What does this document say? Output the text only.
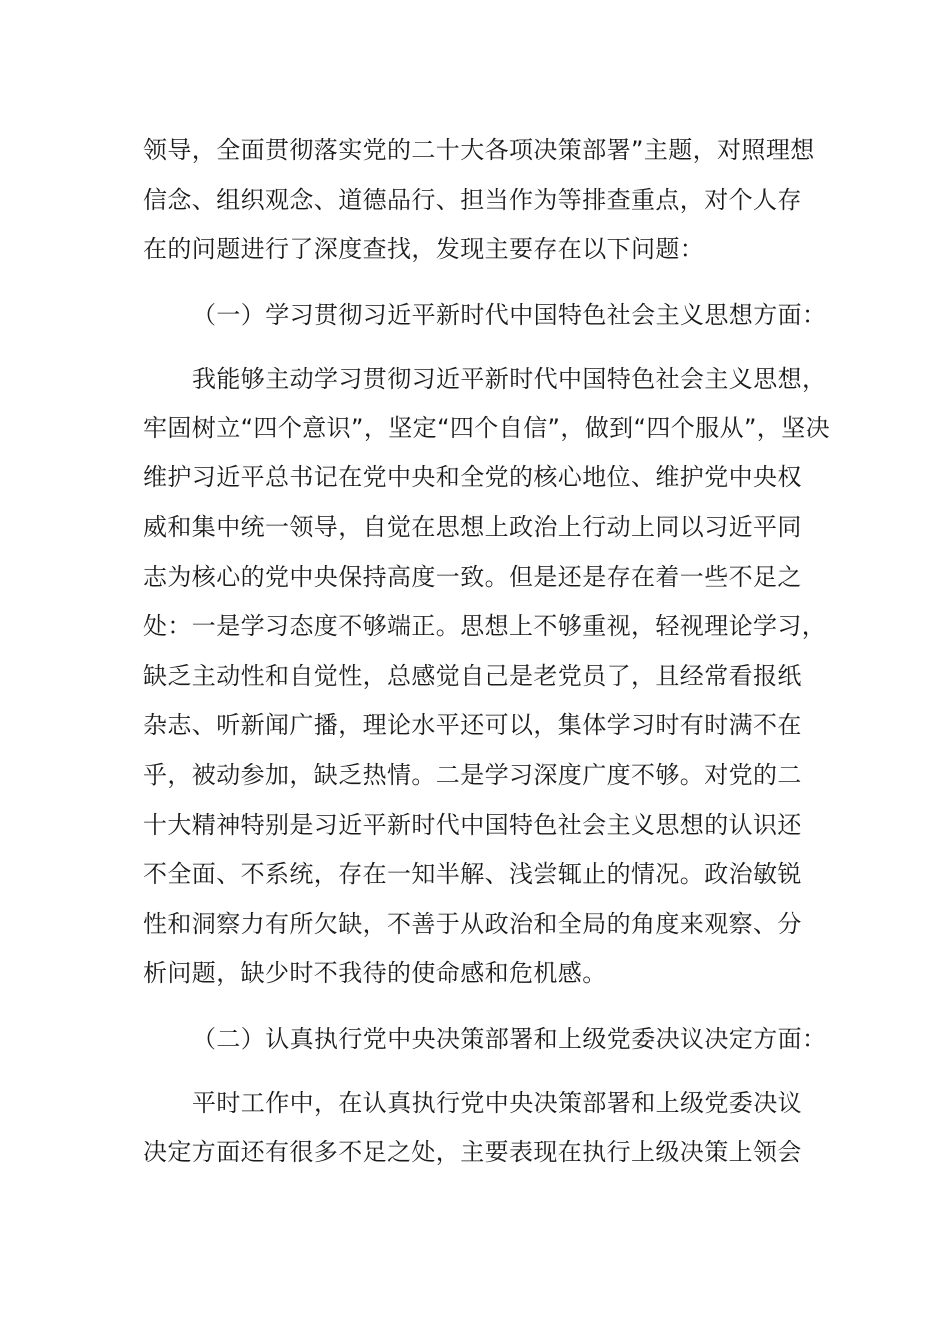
领导，全面贯彻落实党的二十大各项决策部署”主题，对照理想
信念、组织观念、道德品行、担当作为等排查重点，对个人存
在的问题进行了深度查找，发现主要存在以下问题：
（一）学习贯彻习近平新时代中国特色社会主义思想方面：
我能够主动学习贯彻习近平新时代中国特色社会主义思想，
牢固树立“四个意识”，坚定“四个自信”，做到“四个服从”，坚决
维护习近平总书记在党中央和全党的核心地位、维护党中央权
威和集中统一领导，自觉在思想上政治上行动上同以习近平同
志为核心的党中央保持高度一致。但是还是存在着一些不足之
处：一是学习态度不够端正。思想上不够重视，轻视理论学习，
缺乏主动性和自觉性，总感觉自己是老党员了，且经常看报纸
杂志、听新闻广播，理论水平还可以，集体学习时有时满不在
乎，被动参加，缺乏热情。二是学习深度广度不够。对党的二
十大精神特别是习近平新时代中国特色社会主义思想的认识还
不全面、不系统，存在一知半解、浅尝辄止的情况。政治敏锐
性和洞察力有所欠缺，不善于从政治和全局的角度来观察、分
析问题，缺少时不我待的使命感和危机感。
（二）认真执行党中央决策部署和上级党委决议决定方面：
平时工作中，在认真执行党中央决策部署和上级党委决议
决定方面还有很多不足之处，主要表现在执行上级决策上领会
